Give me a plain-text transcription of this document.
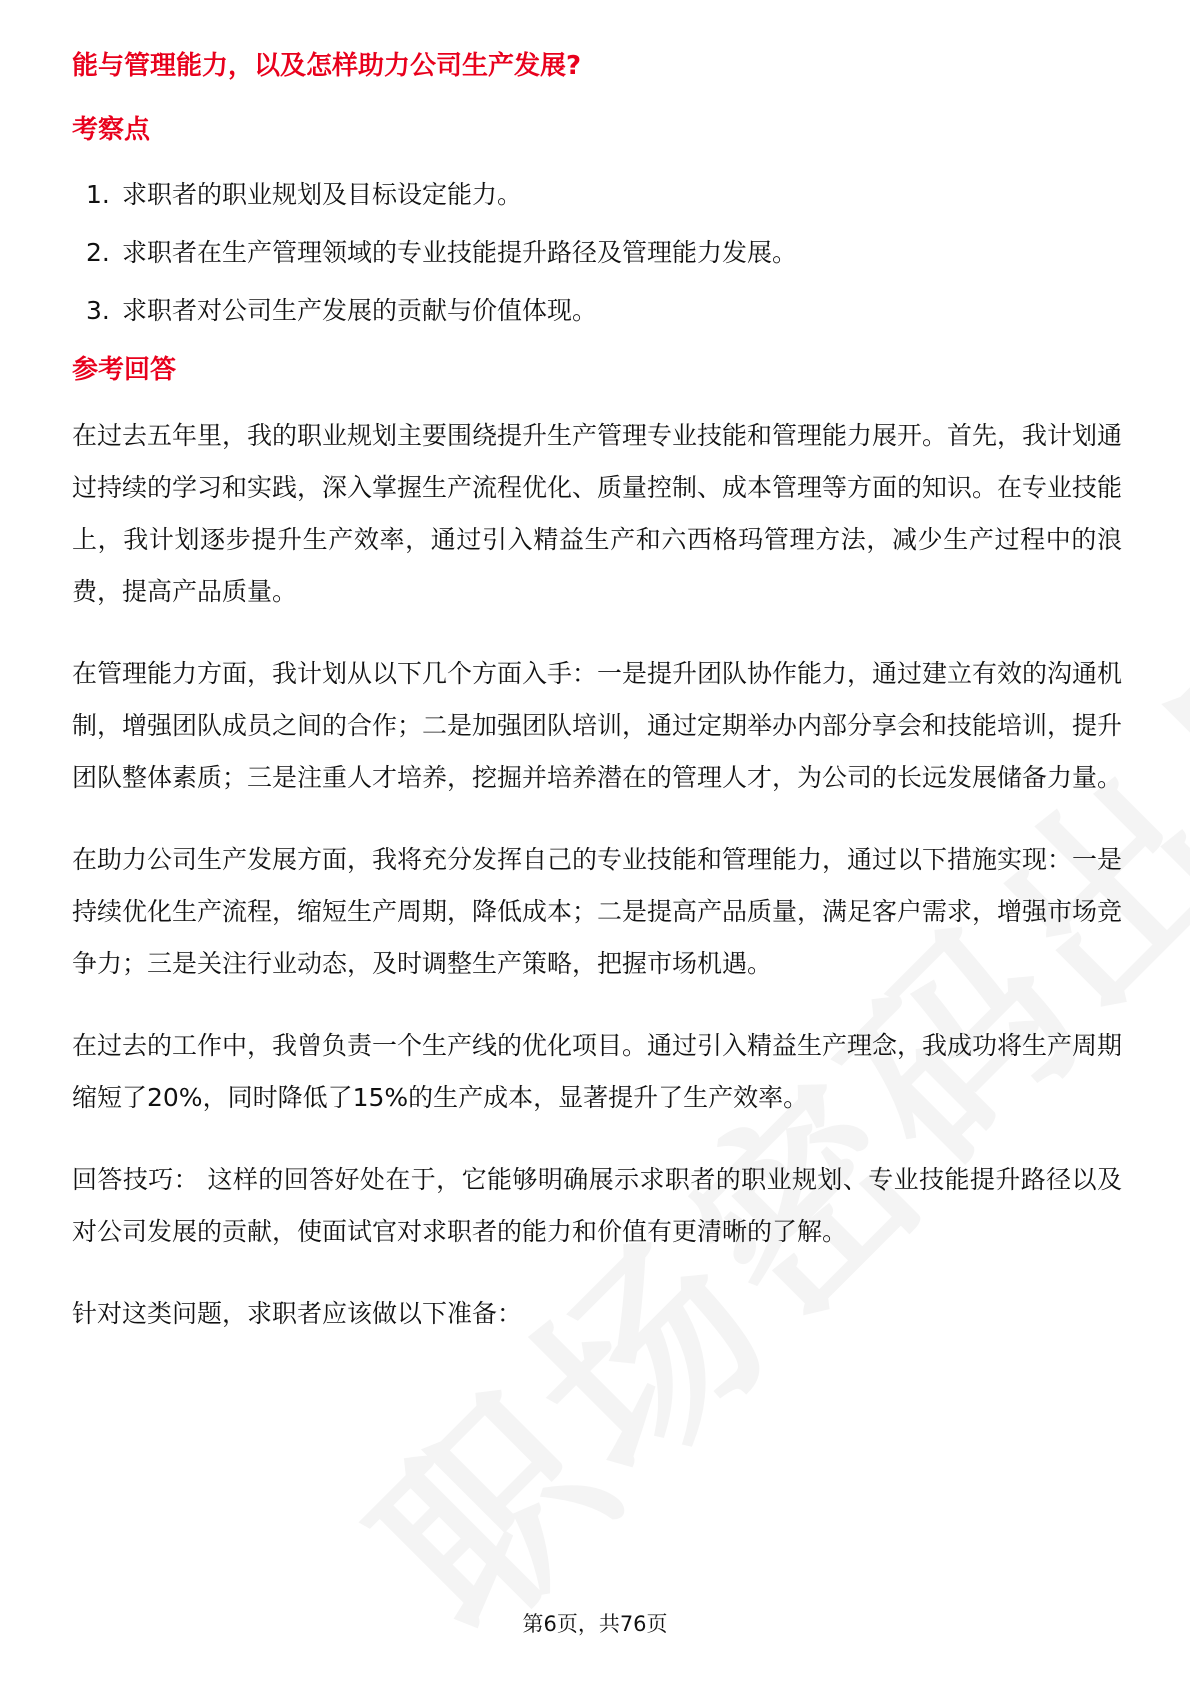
能与管理能力，以及怎样助力公司生产发展?

考察点

1. 求职者的职业规划及目标设定能力。
2. 求职者在生产管理领域的专业技能提升路径及管理能力发展。
3. 求职者对公司生产发展的贡献与价值体现。

参考回答

在过去五年里，我的职业规划主要围绕提升生产管理专业技能和管理能力展开。首先，我计划通过持续的学习和实践，深入掌握生产流程优化、质量控制、成本管理等方面的知识。在专业技能上，我计划逐步提升生产效率，通过引入精益生产和六西格玛管理方法，减少生产过程中的浪费，提高产品质量。

在管理能力方面，我计划从以下几个方面入手：一是提升团队协作能力，通过建立有效的沟通机制，增强团队成员之间的合作；二是加强团队培训，通过定期举办内部分享会和技能培训，提升团队整体素质；三是注重人才培养，挖掘并培养潜在的管理人才，为公司的长远发展储备力量。

在助力公司生产发展方面，我将充分发挥自己的专业技能和管理能力，通过以下措施实现：一是持续优化生产流程，缩短生产周期，降低成本；二是提高产品质量，满足客户需求，增强市场竞争力；三是关注行业动态，及时调整生产策略，把握市场机遇。

在过去的工作中，我曾负责一个生产线的优化项目。通过引入精益生产理念，我成功将生产周期缩短了20%，同时降低了15%的生产成本，显著提升了生产效率。

回答技巧： 这样的回答好处在于，它能够明确展示求职者的职业规划、专业技能提升路径以及对公司发展的贡献，使面试官对求职者的能力和价值有更清晰的了解。

针对这类问题，求职者应该做以下准备：

第6页，共76页
